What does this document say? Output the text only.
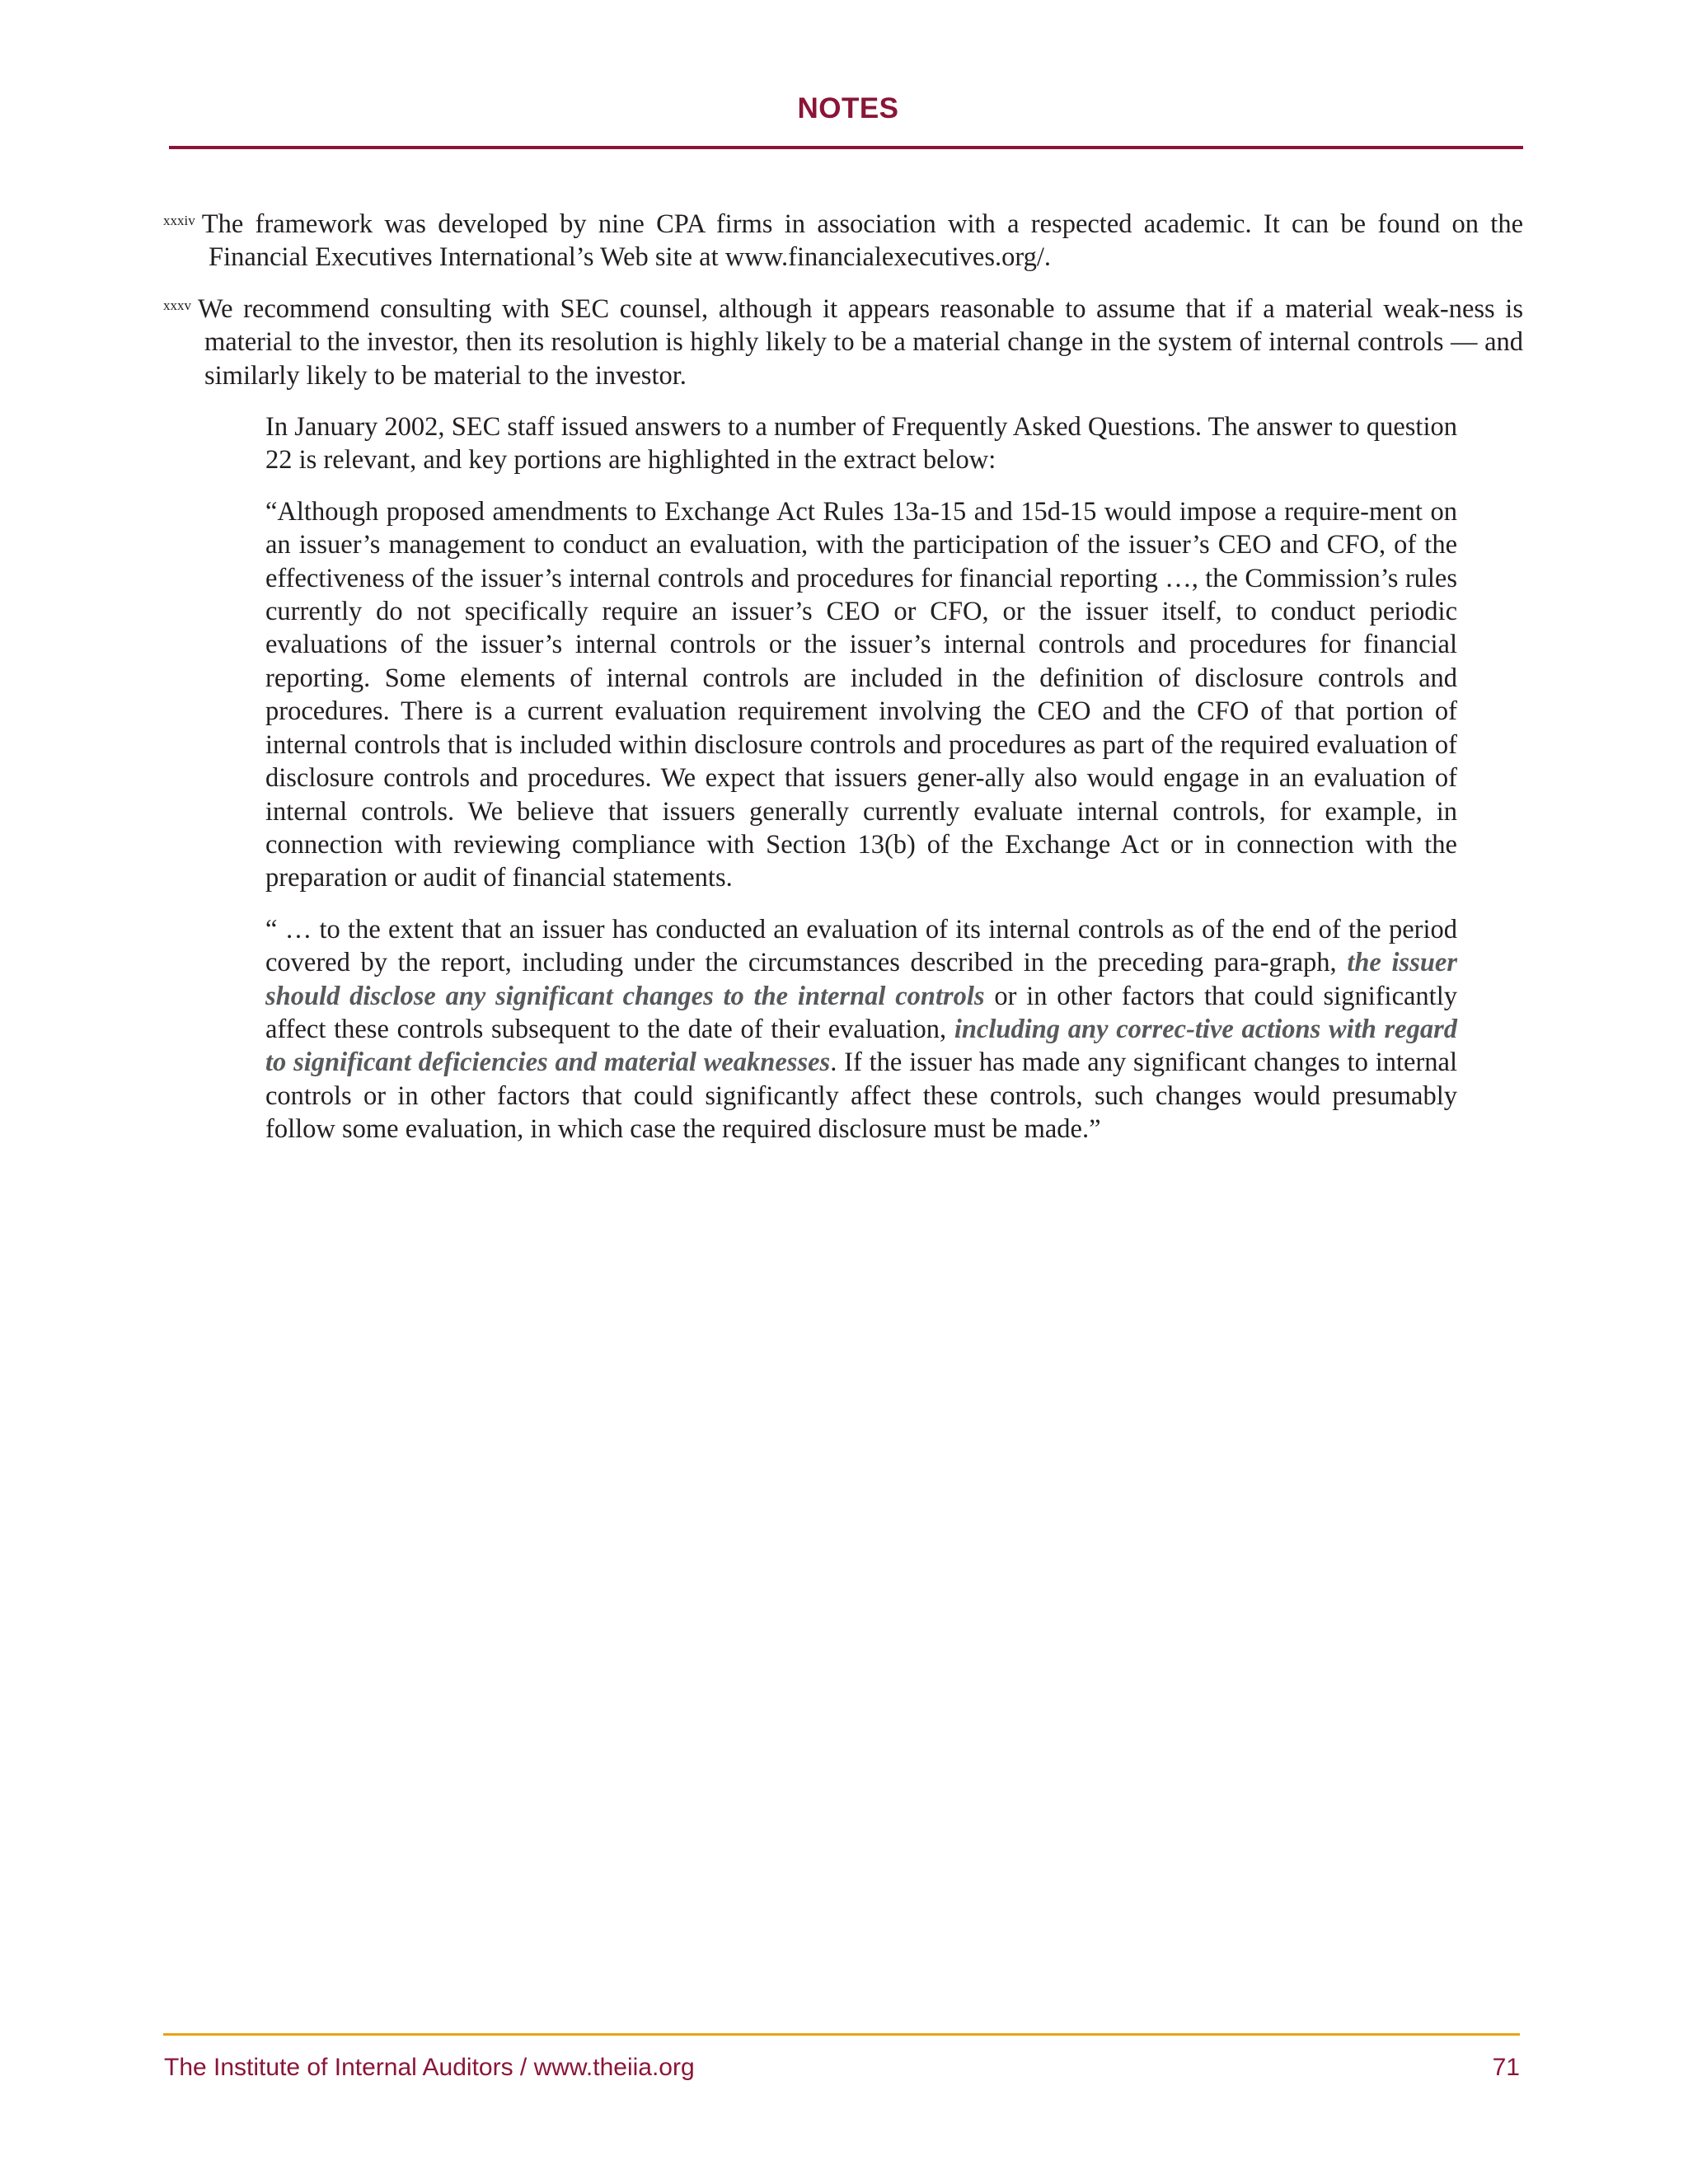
NOTES

$^{xxxiv}$ The framework was developed by nine CPA firms in association with a respected academic. It can be found on the Financial Executives International’s Web site at www.financialexecutives.org/.

$^{xxxv}$ We recommend consulting with SEC counsel, although it appears reasonable to assume that if a material weak-ness is material to the investor, then its resolution is highly likely to be a material change in the system of internal controls — and similarly likely to be material to the investor.

In January 2002, SEC staff issued answers to a number of Frequently Asked Questions. The answer to question 22 is relevant, and key portions are highlighted in the extract below:

“Although proposed amendments to Exchange Act Rules 13a-15 and 15d-15 would impose a require-ment on an issuer’s management to conduct an evaluation, with the participation of the issuer’s CEO and CFO, of the effectiveness of the issuer’s internal controls and procedures for financial reporting …, the Commission’s rules currently do not specifically require an issuer’s CEO or CFO, or the issuer itself, to conduct periodic evaluations of the issuer’s internal controls or the issuer’s internal controls and procedures for financial reporting. Some elements of internal controls are included in the definition of disclosure controls and procedures. There is a current evaluation requirement involving the CEO and the CFO of that portion of internal controls that is included within disclosure controls and procedures as part of the required evaluation of disclosure controls and procedures. We expect that issuers gener-ally also would engage in an evaluation of internal controls. We believe that issuers generally currently evaluate internal controls, for example, in connection with reviewing compliance with Section 13(b) of the Exchange Act or in connection with the preparation or audit of financial statements.

“ … to the extent that an issuer has conducted an evaluation of its internal controls as of the end of the period covered by the report, including under the circumstances described in the preceding para-graph, the issuer should disclose any significant changes to the internal controls or in other factors that could significantly affect these controls subsequent to the date of their evaluation, including any correc-tive actions with regard to significant deficiencies and material weaknesses. If the issuer has made any significant changes to internal controls or in other factors that could significantly affect these controls, such changes would presumably follow some evaluation, in which case the required disclosure must be made.”

The Institute of Internal Auditors / www.theiia.org	71
